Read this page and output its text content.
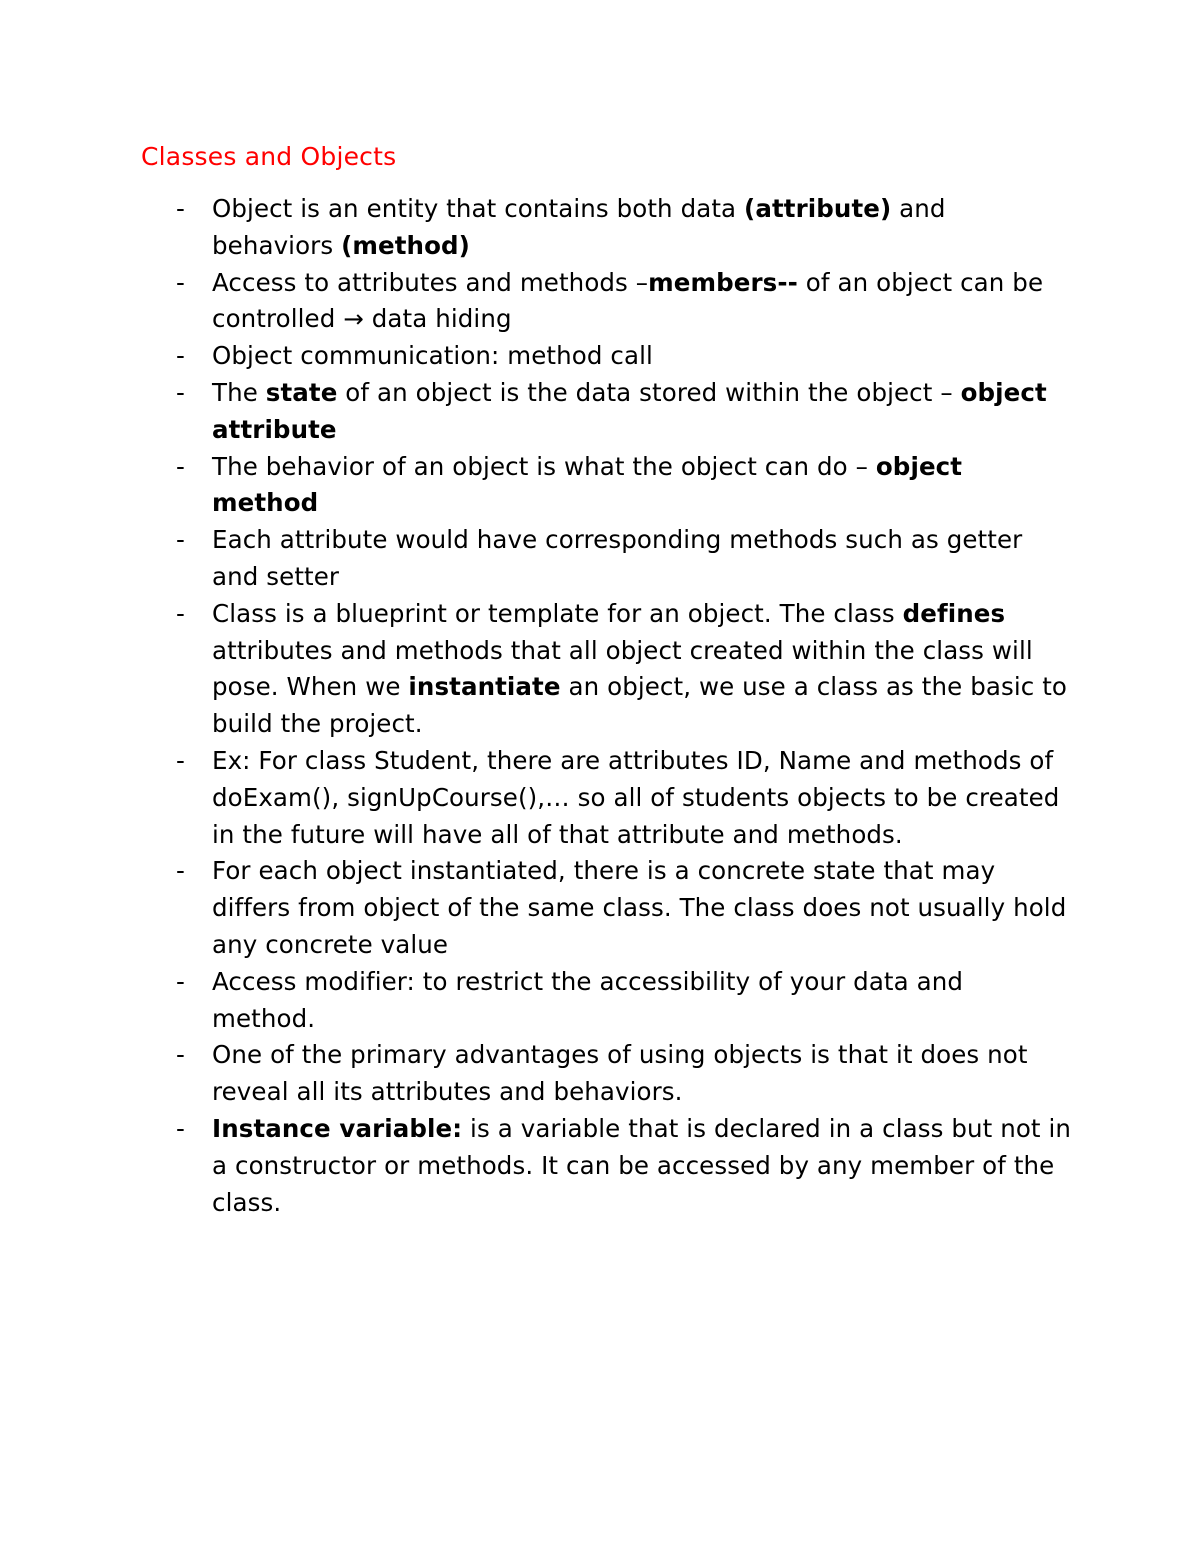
Classes and Objects
- Object is an entity that contains both data (attribute) and behaviors (method)
- Access to attributes and methods –members-- of an object can be controlled → data hiding
- Object communication: method call
- The state of an object is the data stored within the object – object attribute
- The behavior of an object is what the object can do – object method
- Each attribute would have corresponding methods such as getter and setter
- Class is a blueprint or template for an object. The class defines attributes and methods that all object created within the class will pose. When we instantiate an object, we use a class as the basic to build the project.
- Ex: For class Student, there are attributes ID, Name and methods of doExam(), signUpCourse(),… so all of students objects to be created in the future will have all of that attribute and methods.
- For each object instantiated, there is a concrete state that may differs from object of the same class. The class does not usually hold any concrete value
- Access modifier: to restrict the accessibility of your data and method.
- One of the primary advantages of using objects is that it does not reveal all its attributes and behaviors.
- Instance variable: is a variable that is declared in a class but not in a constructor or methods. It can be accessed by any member of the class.
